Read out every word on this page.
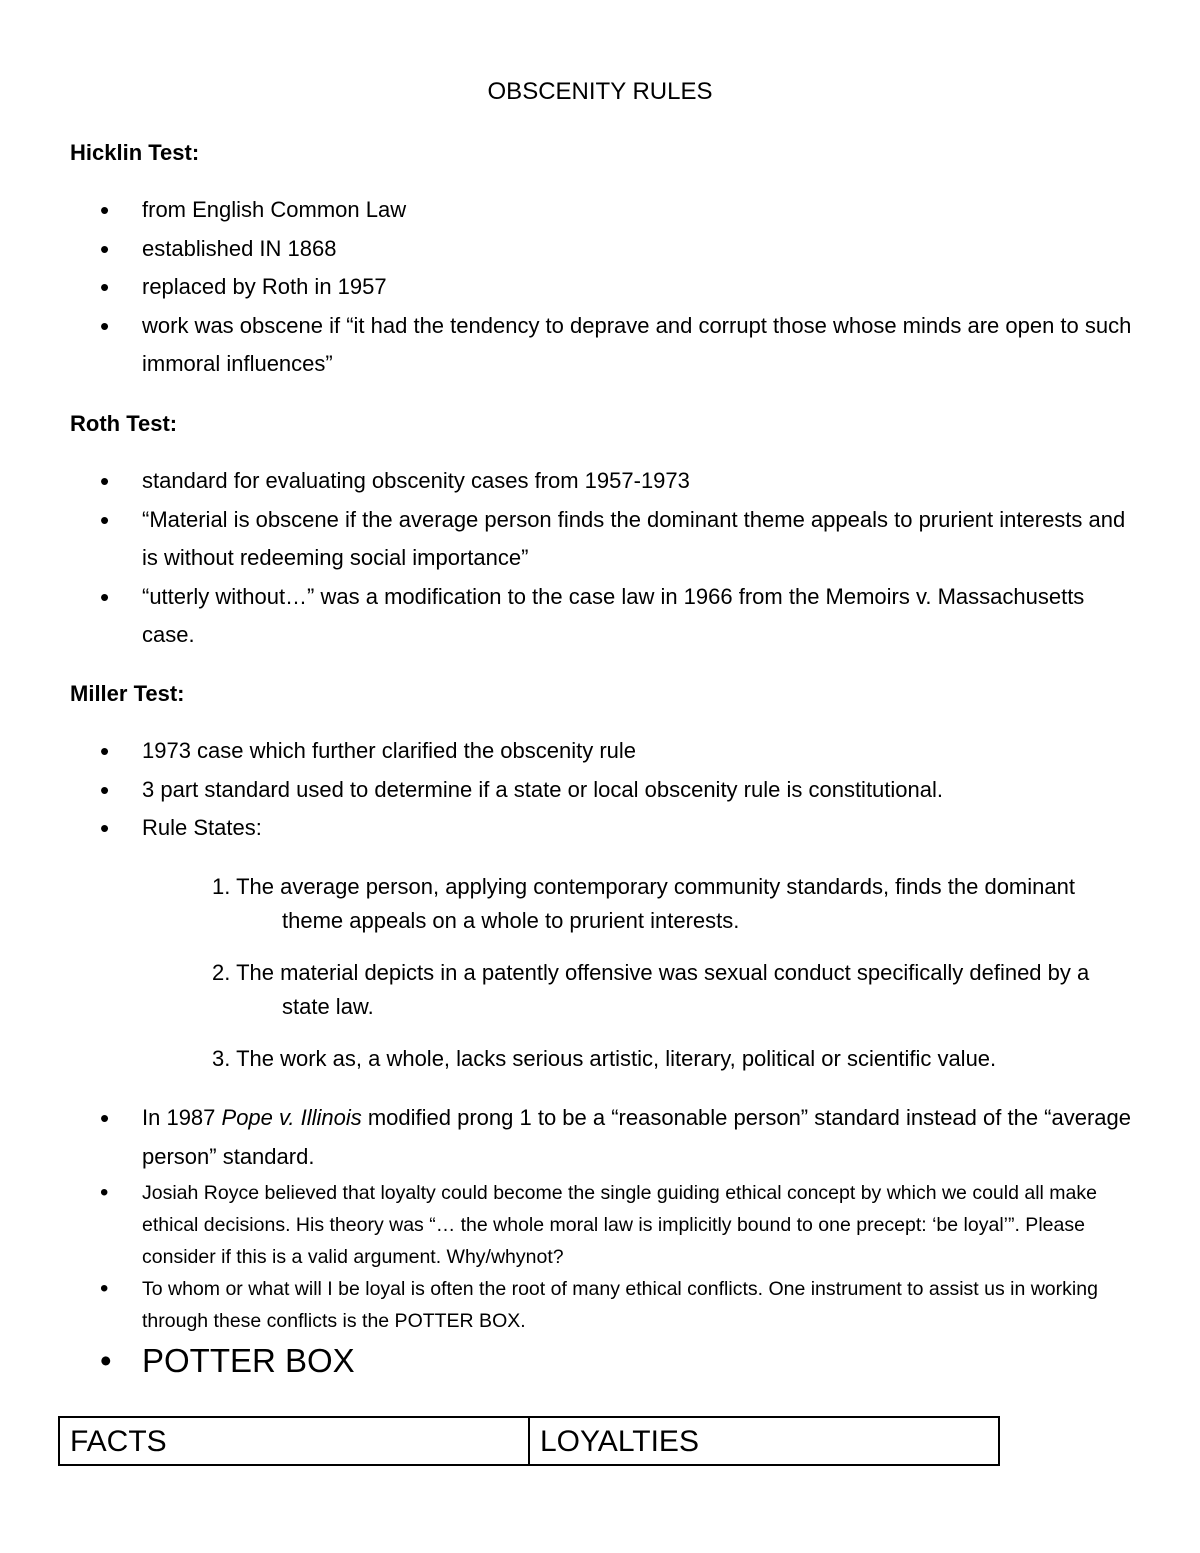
OBSCENITY RULES
Hicklin Test:
• from English Common Law
• established IN 1868
• replaced by Roth in 1957
• work was obscene if “it had the tendency to deprave and corrupt those whose minds are open to such immoral influences”
Roth Test:
• standard for evaluating obscenity cases from 1957-1973
• “Material is obscene if the average person finds the dominant theme appeals to prurient interests and is without redeeming social importance”
• “utterly without…” was a modification to the case law in 1966 from the Memoirs v. Massachusetts case.
Miller Test:
• 1973 case which further clarified the obscenity rule
• 3 part standard used to determine if a state or local obscenity rule is constitutional.
• Rule States:
1. The average person, applying contemporary community standards, finds the dominant theme appeals on a whole to prurient interests.
2. The material depicts in a patently offensive was sexual conduct specifically defined by a state law.
3. The work as, a whole, lacks serious artistic, literary, political or scientific value.
• In 1987 Pope v. Illinois modified prong 1 to be a “reasonable person” standard instead of the “average person” standard.
• Josiah Royce believed that loyalty could become the single guiding ethical concept by which we could all make ethical decisions. His theory was “… the whole moral law is implicitly bound to one precept: ‘be loyal’”. Please consider if this is a valid argument. Why/whynot?
• To whom or what will I be loyal is often the root of many ethical conflicts. One instrument to assist us in working through these conflicts is the POTTER BOX.
• POTTER BOX
FACTS	LOYALTIES
